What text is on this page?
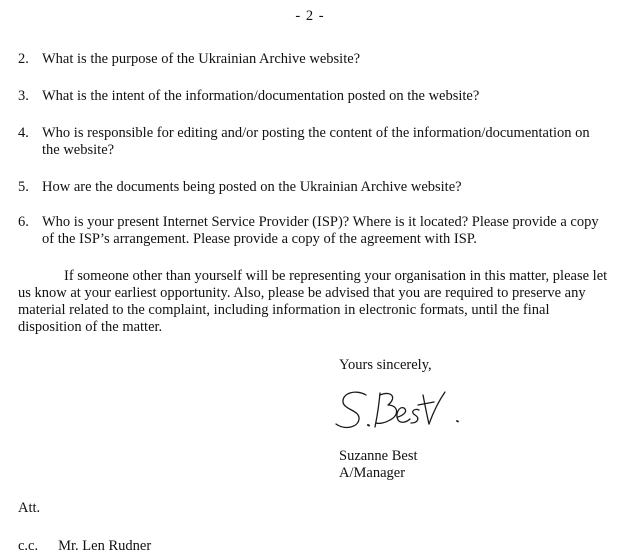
- 2 -
2. What is the purpose of the Ukrainian Archive website?
3. What is the intent of the information/documentation posted on the website?
4. Who is responsible for editing and/or posting the content of the information/documentation on the website?
5. How are the documents being posted on the Ukrainian Archive website?
6. Who is your present Internet Service Provider (ISP)? Where is it located? Please provide a copy of the ISP’s arrangement. Please provide a copy of the agreement with ISP.
If someone other than yourself will be representing your organisation in this matter, please let us know at your earliest opportunity. Also, please be advised that you are required to preserve any material related to the complaint, including information in electronic formats, until the final disposition of the matter.
Yours sincerely,
Suzanne Best
A/Manager
Att.
c.c. Mr. Len Rudner
